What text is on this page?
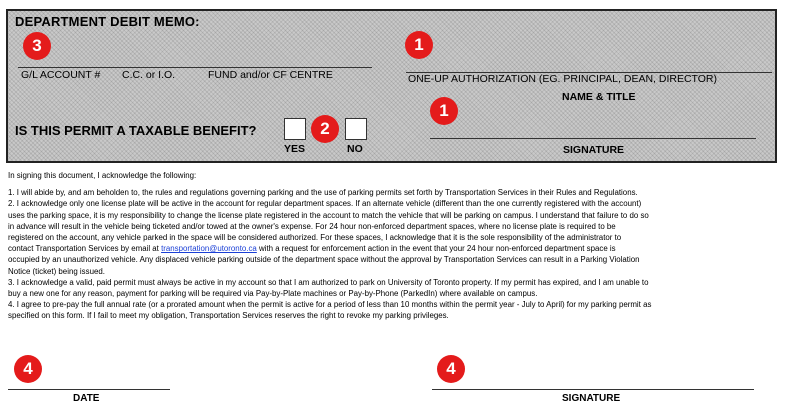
DEPARTMENT DEBIT MEMO:
G/L ACCOUNT # C.C. or I.O.	FUND and/or CF CENTRE	ONE-UP AUTHORIZATION (EG. PRINCIPAL, DEAN, DIRECTOR)
NAME & TITLE
IS THIS PERMIT A TAXABLE BENEFIT?
YES	NO	SIGNATURE
3	1
2
1

In signing this document, I acknowledge the following:

1. I will abide by, and am beholden to, the rules and regulations governing parking and the use of parking permits set forth by Transportation Services in their Rules and Regulations.

2. I acknowledge only one license plate will be active in the account for regular department spaces. If an alternate vehicle (different than the one currently registered with the account)

uses the parking space, it is my responsibility to change the license plate registered in the account to match the vehicle that will be parking on campus. I understand that failure to do so

in advance will result in the vehicle being ticketed and/or towed at the owner's expense. For 24 hour non-enforced department spaces, where no license plate is required to be

registered on the account, any vehicle parked in the space will be considered authorized. For these spaces, I acknowledge that it is the sole responsibility of the administrator to

contact Transportation Services by email at transportation@utoronto.ca with a request for enforcement action in the event that your 24 hour non-enforced department space is

occupied by an unauthorized vehicle. Any displaced vehicle parking outside of the department space without the approval by Transportation Services can result in a Parking Violation

Notice (ticket) being issued.

3. I acknowledge a valid, paid permit must always be active in my account so that I am authorized to park on University of Toronto property. If my permit has expired, and I am unable to

buy a new one for any reason, payment for parking will be required via Pay-by-Plate machines or Pay-by-Phone (ParkedIn) where available on campus.

4. I agree to pre-pay the full annual rate (or a prorated amount when the permit is active for a period of less than 10 months within the permit year - July to April) for my parking permit as

specified on this form. If I fail to meet my obligation, Transportation Services reserves the right to revoke my parking privileges.

4
DATE
4
SIGNATURE
